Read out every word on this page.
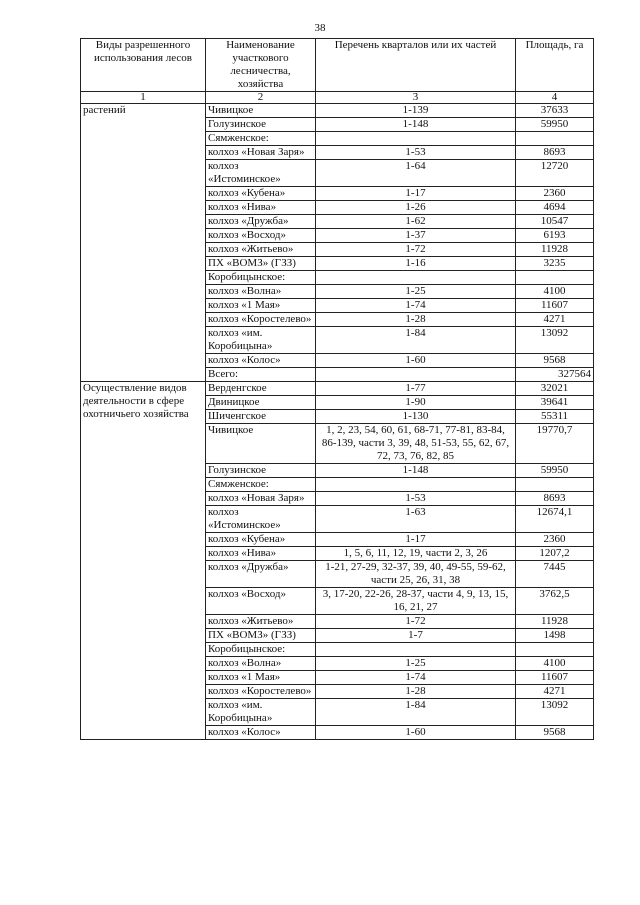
38
Виды разрешенного использования лесов	Наименование участкового лесничества, хозяйства	Перечень кварталов или их частей	Площадь, га
1	2	3	4
растений	Чивицкое	1-139	37633
	Голузинское	1-148	59950
	Сямженское:		
	колхоз «Новая Заря»	1-53	8693
	колхоз «Истоминское»	1-64	12720
	колхоз «Кубена»	1-17	2360
	колхоз «Нива»	1-26	4694
	колхоз «Дружба»	1-62	10547
	колхоз «Восход»	1-37	6193
	колхоз «Житьево»	1-72	11928
	ПХ «ВОМЗ» (ГЗЗ)	1-16	3235
	Коробицынское:		
	колхоз «Волна»	1-25	4100
	колхоз «1 Мая»	1-74	11607
	колхоз «Коростелево»	1-28	4271
	колхоз «им. Коробицына»	1-84	13092
	колхоз «Колос»	1-60	9568
	Всего:		327564
Осуществление видов деятельности в сфере охотничьего хозяйства	Верденгское	1-77	32021
	Двиницкое	1-90	39641
	Шиченгское	1-130	55311
	Чивицкое	1, 2, 23, 54, 60, 61, 68-71, 77-81, 83-84, 86-139, части 3, 39, 48, 51-53, 55, 62, 67, 72, 73, 76, 82, 85	19770,7
	Голузинское	1-148	59950
	Сямженское:		
	колхоз «Новая Заря»	1-53	8693
	колхоз «Истоминское»	1-63	12674,1
	колхоз «Кубена»	1-17	2360
	колхоз «Нива»	1, 5, 6, 11, 12, 19, части 2, 3, 26	1207,2
	колхоз «Дружба»	1-21, 27-29, 32-37, 39, 40, 49-55, 59-62, части 25, 26, 31, 38	7445
	колхоз «Восход»	3, 17-20, 22-26, 28-37, части 4, 9, 13, 15, 16, 21, 27	3762,5
	колхоз «Житьево»	1-72	11928
	ПХ «ВОМЗ» (ГЗЗ)	1-7	1498
	Коробицынское:		
	колхоз «Волна»	1-25	4100
	колхоз «1 Мая»	1-74	11607
	колхоз «Коростелево»	1-28	4271
	колхоз «им. Коробицына»	1-84	13092
	колхоз «Колос»	1-60	9568
